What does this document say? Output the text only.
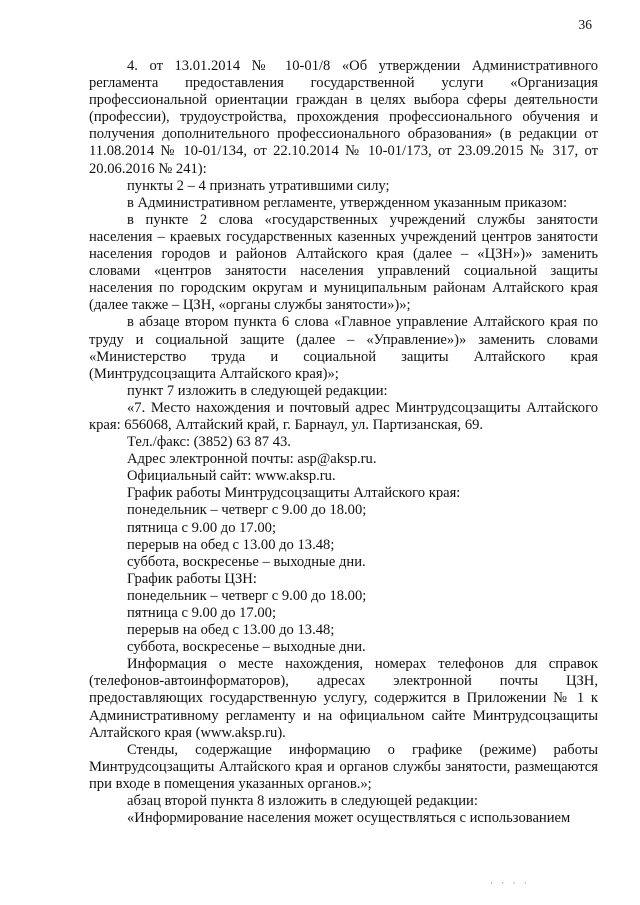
36

4. от 13.01.2014 № 10-01/8 «Об утверждении Административного регламента предоставления государственной услуги «Организация профессиональной ориентации граждан в целях выбора сферы деятельности (профессии), трудоустройства, прохождения профессионального обучения и получения дополнительного профессионального образования» (в редакции от 11.08.2014 № 10-01/134, от 22.10.2014 № 10-01/173, от 23.09.2015 № 317, от 20.06.2016 № 241):

пункты 2 – 4 признать утратившими силу;

в Административном регламенте, утвержденном указанным приказом:

в пункте 2 слова «государственных учреждений службы занятости населения – краевых государственных казенных учреждений центров занятости населения городов и районов Алтайского края (далее – «ЦЗН»)» заменить словами «центров занятости населения управлений социальной защиты населения по городским округам и муниципальным районам Алтайского края (далее также – ЦЗН, «органы службы занятости»)»;

в абзаце втором пункта 6 слова «Главное управление Алтайского края по труду и социальной защите (далее – «Управление»)» заменить словами «Министерство труда и социальной защиты Алтайского края (Минтрудсоцзащита Алтайского края)»;

пункт 7 изложить в следующей редакции:

«7. Место нахождения и почтовый адрес Минтрудсоцзащиты Алтайского края: 656068, Алтайский край, г. Барнаул, ул. Партизанская, 69.

Тел./факс: (3852) 63 87 43.

Адрес электронной почты: asp@aksp.ru.

Официальный сайт: www.aksp.ru.

График работы Минтрудсоцзащиты Алтайского края:

понедельник – четверг с 9.00 до 18.00;

пятница с 9.00 до 17.00;

перерыв на обед с 13.00 до 13.48;

суббота, воскресенье – выходные дни.

График работы ЦЗН:

понедельник – четверг с 9.00 до 18.00;

пятница с 9.00 до 17.00;

перерыв на обед с 13.00 до 13.48;

суббота, воскресенье – выходные дни.

Информация о месте нахождения, номерах телефонов для справок (телефонов-автоинформаторов), адресах электронной почты ЦЗН, предоставляющих государственную услугу, содержится в Приложении № 1 к Административному регламенту и на официальном сайте Минтрудсоцзащиты Алтайского края (www.aksp.ru).

Стенды, содержащие информацию о графике (режиме) работы Минтрудсоцзащиты Алтайского края и органов службы занятости, размещаются при входе в помещения указанных органов.»;

абзац второй пункта 8 изложить в следующей редакции:

«Информирование населения может осуществляться с использованием

· · · ·
